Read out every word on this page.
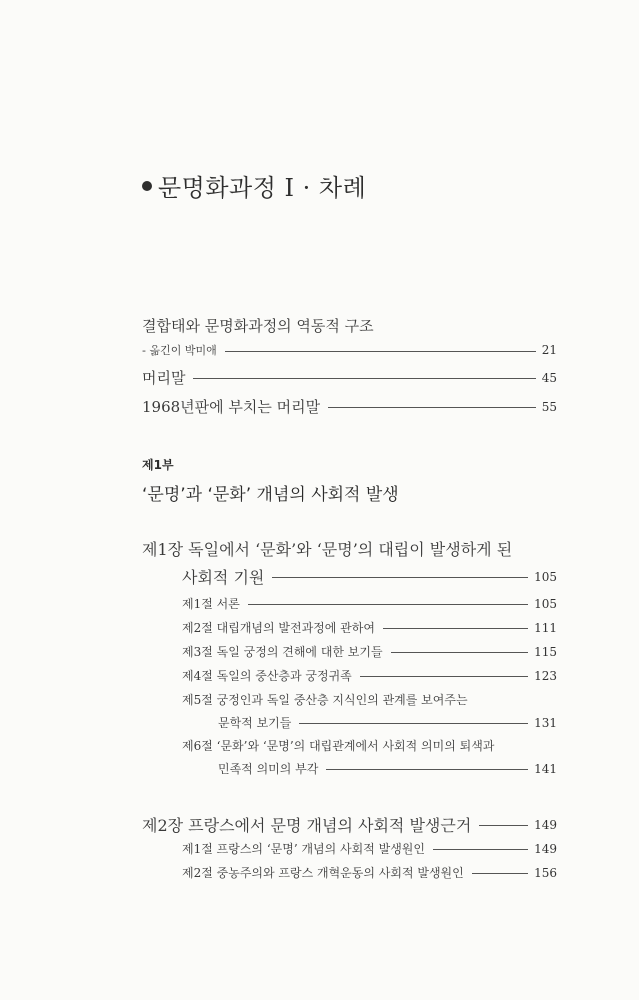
문명화과정 I · 차례
결합태와 문명화과정의 역동적 구조
- 옮긴이 박미애	21
머리말	45
1968년판에 부치는 머리말	55
제1부
‘문명’과 ‘문화’ 개념의 사회적 발생
제1장 독일에서 ‘문화’와 ‘문명’의 대립이 발생하게 된
사회적 기원	105
제1절 서론	105
제2절 대립개념의 발전과정에 관하여	111
제3절 독일 궁정의 견해에 대한 보기들	115
제4절 독일의 중산층과 궁정귀족	123
제5절 궁정인과 독일 중산층 지식인의 관계를 보여주는
문학적 보기들	131
제6절 ‘문화’와 ‘문명’의 대립관계에서 사회적 의미의 퇴색과
민족적 의미의 부각	141
제2장 프랑스에서 문명 개념의 사회적 발생근거	149
제1절 프랑스의 ‘문명’ 개념의 사회적 발생원인	149
제2절 중농주의와 프랑스 개혁운동의 사회적 발생원인	156
